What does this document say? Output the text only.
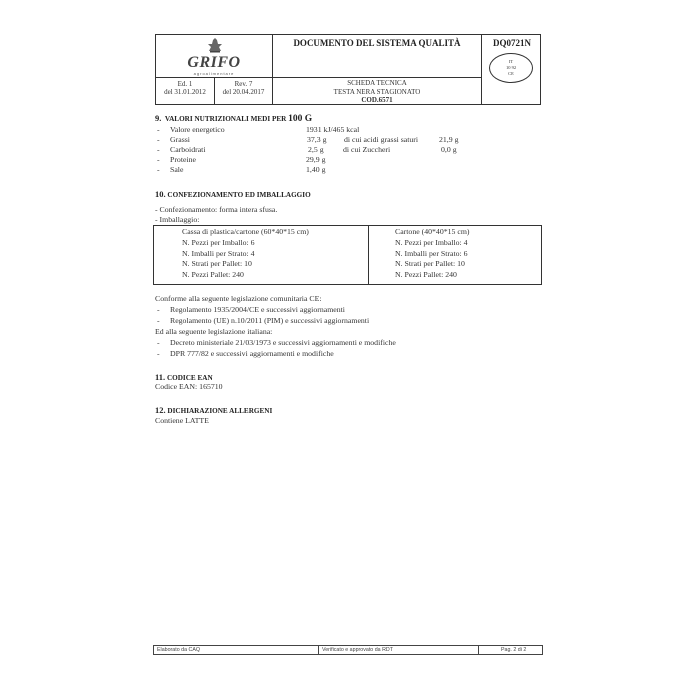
GRIFO
agroalimentare
Ed. 1
del 31.01.2012
Rev. 7
del 20.04.2017
DOCUMENTO DEL SISTEMA QUALITÀ	DQ0721N
IT
10 92
CE
SCHEDA TECNICA
TESTA NERA STAGIONATO
COD.6571
9. VALORI NUTRIZIONALI MEDI PER 100 G
- Valore energetico	1931 kJ/465 kcal
- Grassi	37,3 g di cui acidi grassi saturi	21,9 g
- Carboidrati	2,5 g di cui Zuccheri	0,0 g
- Proteine	29,9 g
- Sale	1,40 g
10. CONFEZIONAMENTO ED IMBALLAGGIO
- Confezionamento: forma intera sfusa.
- Imballaggio:
Cassa di plastica/cartone (60*40*15 cm)
N. Pezzi per Imballo: 6
N. Imballi per Strato: 4
N. Strati per Pallet: 10
N. Pezzi Pallet: 240
Cartone (40*40*15 cm)
N. Pezzi per Imballo: 4
N. Imballi per Strato: 6
N. Strati per Pallet: 10
N. Pezzi Pallet: 240
Conforme alla seguente legislazione comunitaria CE:
- Regolamento 1935/2004/CE e successivi aggiornamenti
- Regolamento (UE) n.10/2011 (PIM) e successivi aggiornamenti
Ed alla seguente legislazione italiana:
- Decreto ministeriale 21/03/1973 e successivi aggiornamenti e modifiche
- DPR 777/82 e successivi aggiornamenti e modifiche
11. CODICE EAN
Codice EAN: 165710
12. DICHIARAZIONE ALLERGENI
Contiene LATTE
Elaborato da CAQ	Verificato e approvato da RDT	Pag. 2 di 2
